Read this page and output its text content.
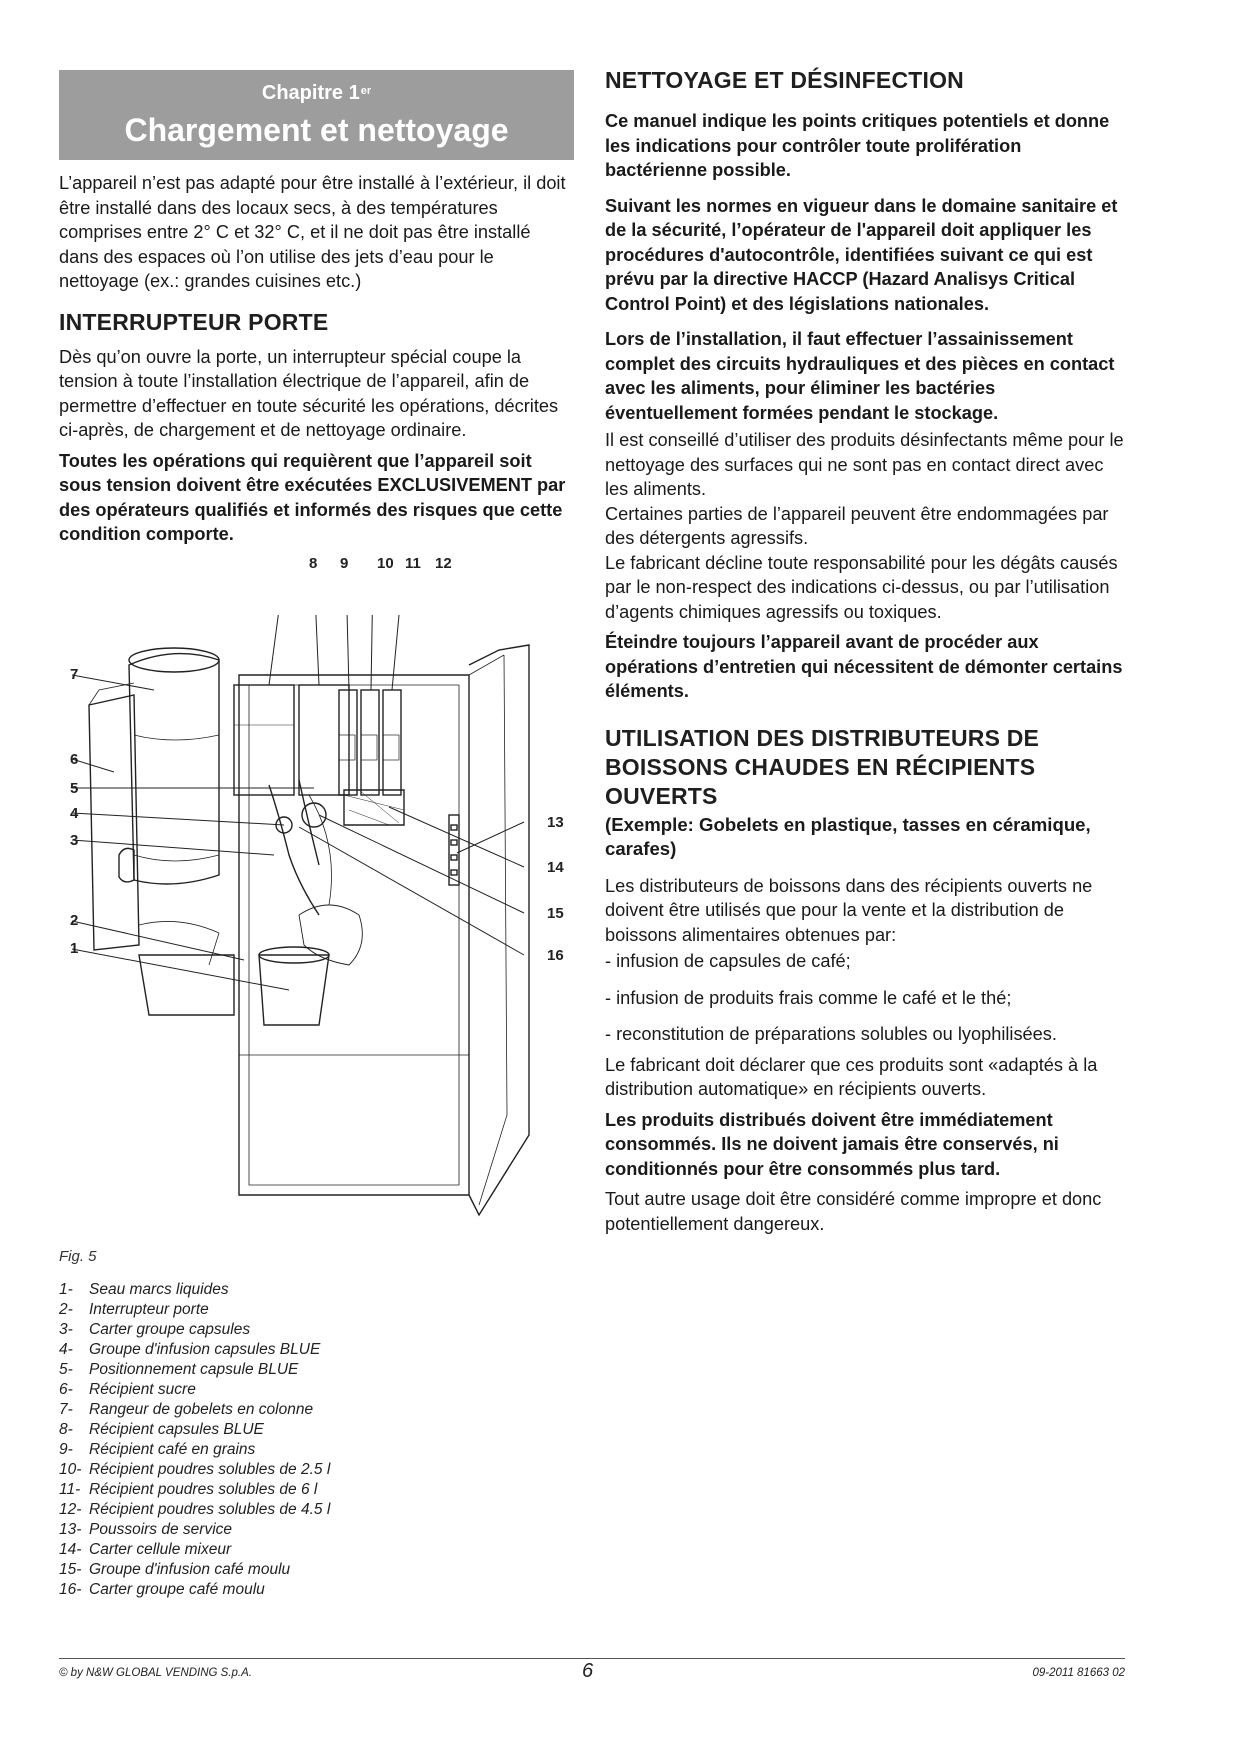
Chapitre 1er
Chargement et nettoyage

L’appareil n’est pas adapté pour être installé à l’extérieur, il doit être installé dans des locaux secs, à des températures comprises entre 2° C et 32° C, et il ne doit pas être installé dans des espaces où l’on utilise des jets d’eau pour le nettoyage (ex.: grandes cuisines etc.)

INTERRUPTEUR PORTE

Dès qu’on ouvre la porte, un interrupteur spécial coupe la tension à toute l’installation électrique de l’appareil, afin de permettre d’effectuer en toute sécurité les opérations, décrites ci-après, de chargement et de nettoyage ordinaire.

Toutes les opérations qui requièrent que l’appareil soit sous tension doivent être exécutées EXCLUSIVEMENT par des opérateurs qualifiés et informés des risques que cette condition comporte.

8 9 10 11 12
7
6
5
4
3
2
1
13
14
15
16
Fig. 5
1- Seau marcs liquides
2- Interrupteur porte
3- Carter groupe capsules
4- Groupe d'infusion capsules BLUE
5- Positionnement capsule BLUE
6- Récipient sucre
7- Rangeur de gobelets en colonne
8- Récipient capsules BLUE
9- Récipient café en grains
10- Récipient poudres solubles de 2.5 l
11- Récipient poudres solubles de 6 l
12- Récipient poudres solubles de 4.5 l
13- Poussoirs de service
14- Carter cellule mixeur
15- Groupe d'infusion café moulu
16- Carter groupe café moulu
NETTOYAGE ET DÉSINFECTION

Ce manuel indique les points critiques potentiels et donne les indications pour contrôler toute prolifération bactérienne possible.

Suivant les normes en vigueur dans le domaine sanitaire et de la sécurité, l’opérateur de l'appareil doit appliquer les procédures d'autocontrôle, identifiées suivant ce qui est prévu par la directive HACCP (Hazard Analisys Critical Control Point) et des législations nationales.

Lors de l’installation, il faut effectuer l’assainissement complet des circuits hydrauliques et des pièces en contact avec les aliments, pour éliminer les bactéries éventuellement formées pendant le stockage.

Il est conseillé d’utiliser des produits désinfectants même pour le nettoyage des surfaces qui ne sont pas en contact direct avec les aliments.

Certaines parties de l’appareil peuvent être endommagées par des détergents agressifs.

Le fabricant décline toute responsabilité pour les dégâts causés par le non-respect des indications ci-dessus, ou par l’utilisation d’agents chimiques agressifs ou toxiques.

Éteindre toujours l’appareil avant de procéder aux opérations d’entretien qui nécessitent de démonter certains éléments.

UTILISATION DES DISTRIBUTEURS DE BOISSONS CHAUDES EN RÉCIPIENTS OUVERTS

(Exemple: Gobelets en plastique, tasses en céramique, carafes)

Les distributeurs de boissons dans des récipients ouverts ne doivent être utilisés que pour la vente et la distribution de boissons alimentaires obtenues par:

- infusion de capsules de café;

- infusion de produits frais comme le café et le thé;

- reconstitution de préparations solubles ou lyophilisées.

Le fabricant doit déclarer que ces produits sont «adaptés à la distribution automatique» en récipients ouverts.

Les produits distribués doivent être immédiatement consommés. Ils ne doivent jamais être conservés, ni conditionnés pour être consommés plus tard.

Tout autre usage doit être considéré comme impropre et donc potentiellement dangereux.

© by N&W GLOBAL VENDING S.p.A.	6	09-2011 81663 02
